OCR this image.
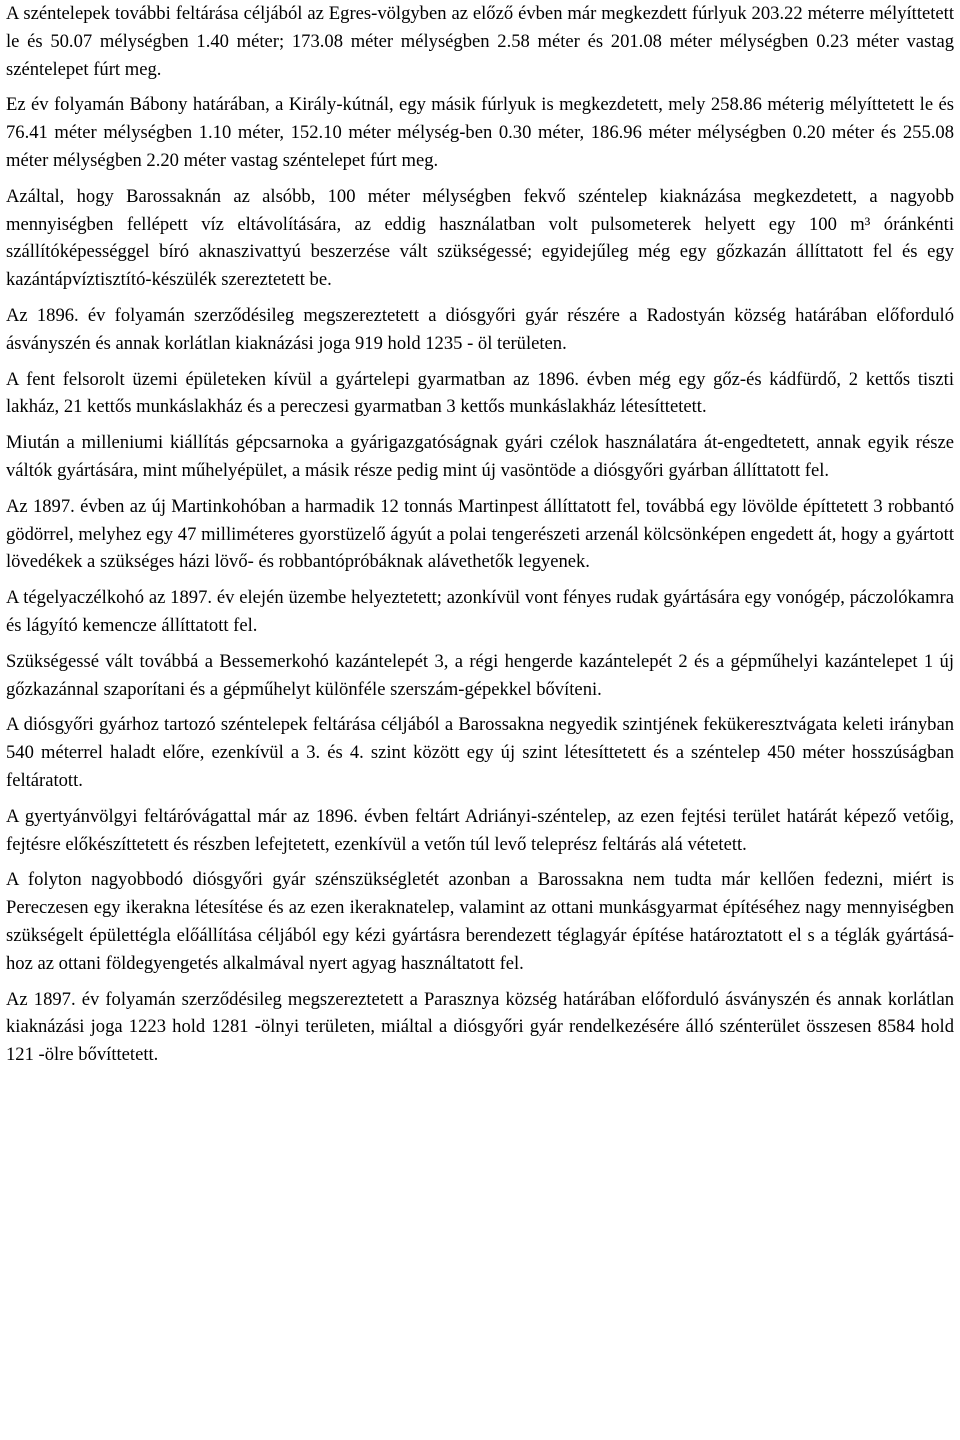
A széntelepek további feltárása céljából az Egres-völgyben az előző évben már megkezdett fúrlyuk 203.22 méterre mélyíttetett le és 50.07 mélységben 1.40 méter; 173.08 méter mélységben 2.58 méter és 201.08 méter mélységben 0.23 méter vastag széntelepet fúrt meg.

Ez év folyamán Bábony határában, a Király-kútnál, egy másik fúrlyuk is megkezdetett, mely 258.86 méterig mélyíttetett le és 76.41 méter mélységben 1.10 méter, 152.10 méter mélység-ben 0.30 méter, 186.96 méter mélységben 0.20 méter és 255.08 méter mélységben 2.20 méter vastag széntelepet fúrt meg.

Azáltal, hogy Barossaknán az alsóbb, 100 méter mélységben fekvő széntelep kiaknázása megkezdetett, a nagyobb mennyiségben fellépett víz eltávolítására, az eddig használatban volt pulsometerek helyett egy 100 m³ óránkénti szállítóképességgel bíró aknaszivattyú beszerzése vált szükségessé; egyidejűleg még egy gőzkazán állíttatott fel és egy kazántápvíztisztító-készülék szereztetett be.

Az 1896. év folyamán szerződésileg megszereztetett a diósgyőri gyár részére a Radostyán község határában előforduló ásványszén és annak korlátlan kiaknázási joga 919 hold 1235 - öl területen.

A fent felsorolt üzemi épületeken kívül a gyártelepi gyarmatban az 1896. évben még egy gőz-és kádfürdő, 2 kettős tiszti lakház, 21 kettős munkáslakház és a pereczesi gyarmatban 3 kettős munkáslakház létesíttetett.

Miután a milleniumi kiállítás gépcsarnoka a gyárigazgatóságnak gyári czélok használatára át-engedtetett, annak egyik része váltók gyártására, mint műhelyépület, a másik része pedig mint új vasöntöde a diósgyőri gyárban állíttatott fel.

Az 1897. évben az új Martinkohóban a harmadik 12 tonnás Martinpest állíttatott fel, továbbá egy lövölde építtetett 3 robbantó gödörrel, melyhez egy 47 milliméteres gyorstüzelő ágyút a polai tengerészeti arzenál kölcsönképen engedett át, hogy a gyártott lövedékek a szükséges házi lövő- és robbantópróbáknak alávethetők legyenek.

A tégelyaczélkohó az 1897. év elején üzembe helyeztetett; azonkívül vont fényes rudak gyártására egy vonógép, páczolókamra és lágyító kemencze állíttatott fel.

Szükségessé vált továbbá a Bessemerkohó kazántelepét 3, a régi hengerde kazántelepét 2 és a gépműhelyi kazántelepet 1 új gőzkazánnal szaporítani és a gépműhelyt különféle szerszám-gépekkel bővíteni.

A diósgyőri gyárhoz tartozó széntelepek feltárása céljából a Barossakna negyedik szintjének fekükeresztvágata keleti irányban 540 méterrel haladt előre, ezenkívül a 3. és 4. szint között egy új szint létesíttetett és a széntelep 450 méter hosszúságban feltáratott.

A gyertyánvölgyi feltáróvágattal már az 1896. évben feltárt Adriányi-széntelep, az ezen fejtési terület határát képező vetőig, fejtésre előkészíttetett és részben lefejtetett, ezenkívül a vetőn túl levő teleprész feltárás alá vétetett.

A folyton nagyobbodó diósgyőri gyár szénszükségletét azonban a Barossakna nem tudta már kellően fedezni, miért is Pereczesen egy ikerakna létesítése és az ezen ikeraknatelep, valamint az ottani munkásgyarmat építéséhez nagy mennyiségben szükségelt épülettégla előállítása céljából egy kézi gyártásra berendezett téglagyár építése határoztatott el s a téglák gyártásá-hoz az ottani földegyengetés alkalmával nyert agyag használtatott fel.

Az 1897. év folyamán szerződésileg megszereztetett a Parasznya község határában előforduló ásványszén és annak korlátlan kiaknázási joga 1223 hold 1281 -ölnyi területen, miáltal a diósgyőri gyár rendelkezésére álló szénterület összesen 8584 hold 121 -ölre bővíttetett.
